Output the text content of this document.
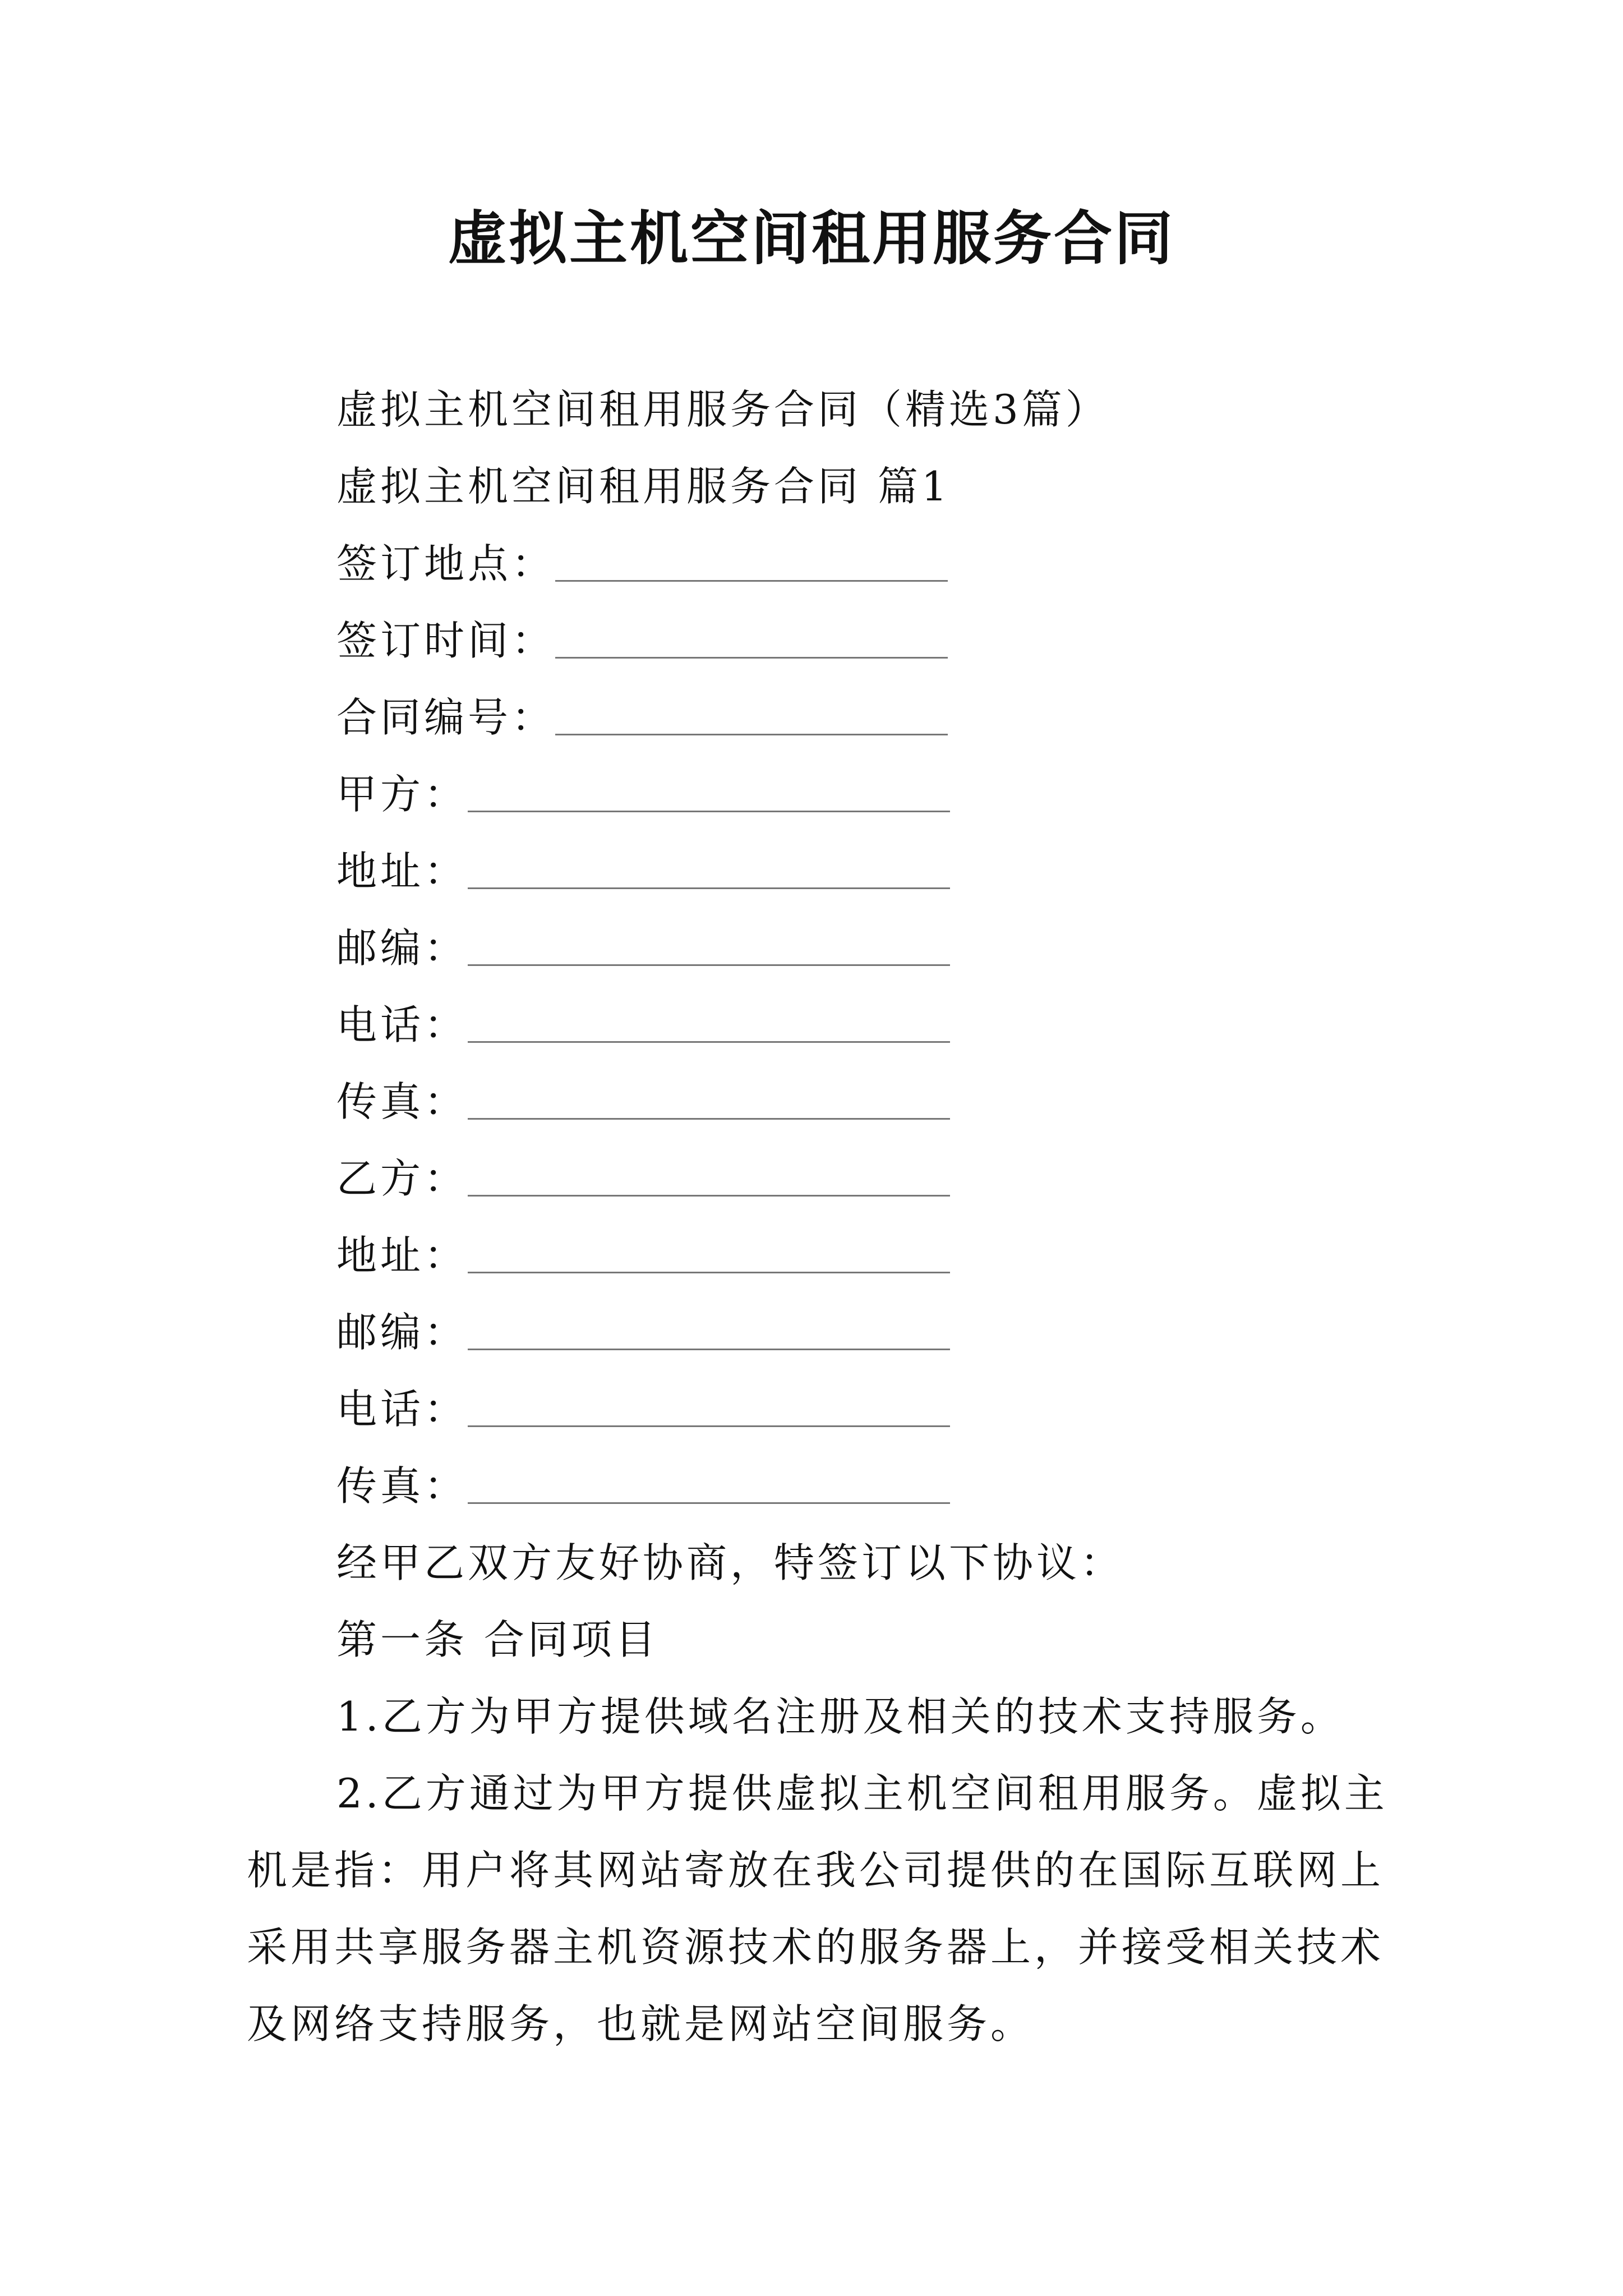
虚拟主机空间租用服务合同
虚拟主机空间租用服务合同（精选3篇）
虚拟主机空间租用服务合同 篇1
签订地点：
签订时间：
合同编号：
甲方：
地址：
邮编：
电话：
传真：
乙方：
地址：
邮编：
电话：
传真：
经甲乙双方友好协商，特签订以下协议：
第一条 合同项目
1.乙方为甲方提供域名注册及相关的技术支持服务。
2.乙方通过为甲方提供虚拟主机空间租用服务。虚拟主
机是指：用户将其网站寄放在我公司提供的在国际互联网上
采用共享服务器主机资源技术的服务器上，并接受相关技术
及网络支持服务，也就是网站空间服务。
